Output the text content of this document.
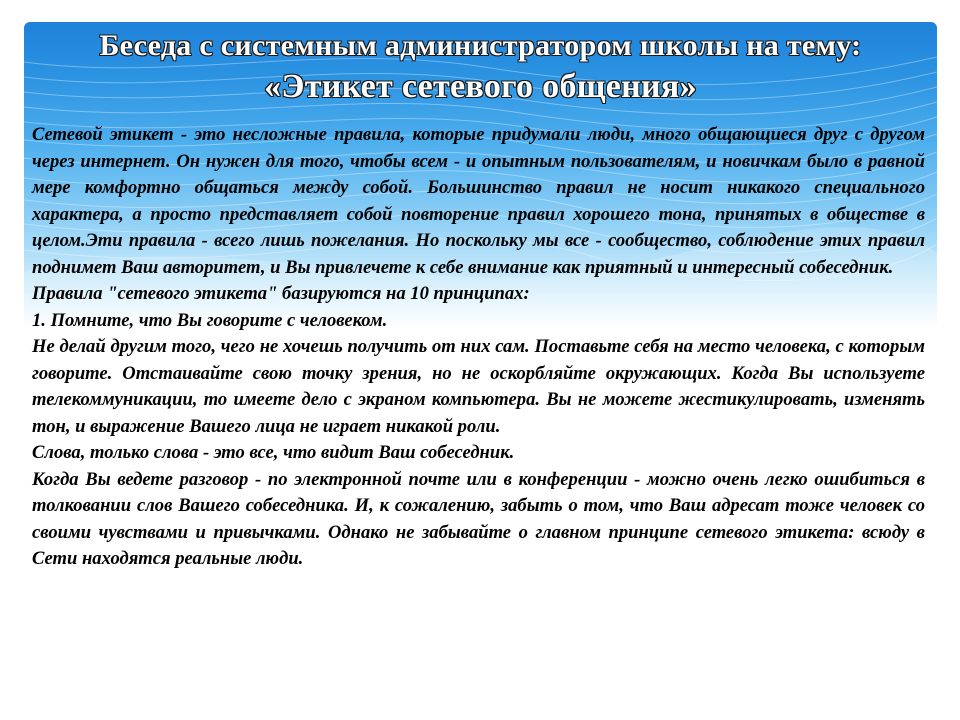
Беседа с системным администратором школы на тему:
«Этикет сетевого общения»

Сетевой этикет - это несложные правила, которые придумали люди, много общающиеся друг с другом через интернет. Он нужен для того, чтобы всем - и опытным пользователям, и новичкам было в равной мере комфортно общаться между собой. Большинство правил не носит никакого специального характера, а просто представляет собой повторение правил хорошего тона, принятых в обществе в целом.Эти правила - всего лишь пожелания. Но поскольку мы все - сообщество, соблюдение этих правил поднимет Ваш авторитет, и Вы привлечете к себе внимание как приятный и интересный собеседник.

Правила "сетевого этикета" базируются на 10 принципах:

1. Помните, что Вы говорите с человеком.

Не делай другим того, чего не хочешь получить от них сам. Поставьте себя на место человека, с которым говорите. Отстаивайте свою точку зрения, но не оскорбляйте окружающих. Когда Вы используете телекоммуникации, то имеете дело с экраном компьютера. Вы не можете жестикулировать, изменять тон, и выражение Вашего лица не играет никакой роли.

Слова, только слова - это все, что видит Ваш собеседник.

Когда Вы ведете разговор - по электронной почте или в конференции - можно очень легко ошибиться в толковании слов Вашего собеседника. И, к сожалению, забыть о том, что Ваш адресат тоже человек со своими чувствами и привычками. Однако не забывайте о главном принципе сетевого этикета: всюду в Сети находятся реальные люди.
